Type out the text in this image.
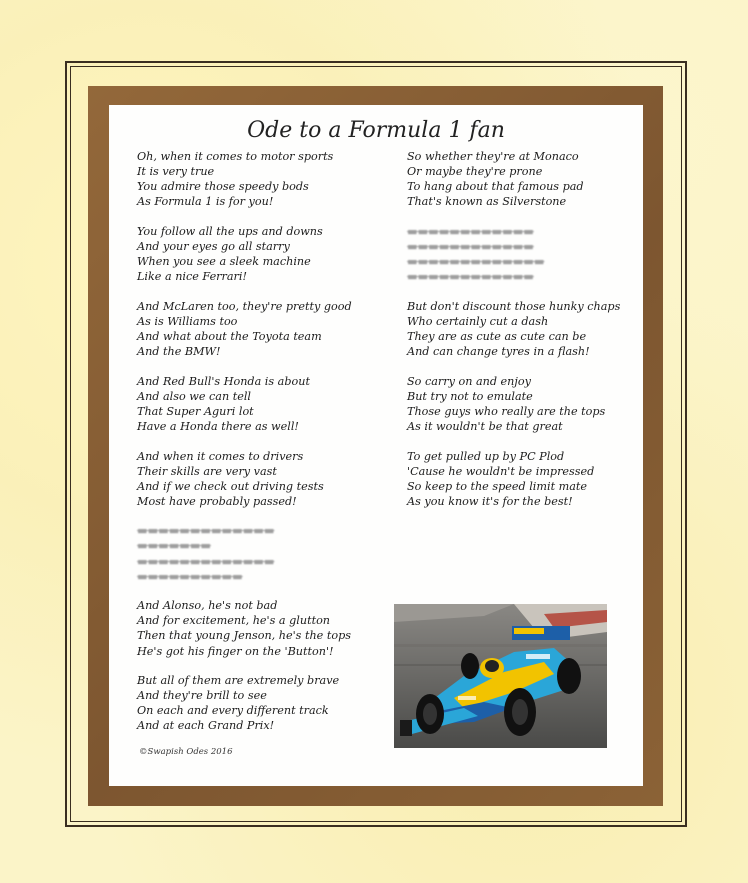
Ode to a Formula 1 fan
Oh, when it comes to motor sports
It is very true
You admire those speedy bods
As Formula 1 is for you!
You follow all the ups and downs
And your eyes go all starry
When you see a sleek machine
Like a nice Ferrari!
And McLaren too, they're pretty good
As is Williams too
And what about the Toyota team
And the BMW!
And Red Bull's Honda is about
And also we can tell
That Super Aguri lot
Have a Honda there as well!
And when it comes to drivers
Their skills are very vast
And if we check out driving tests
Most have probably passed!
▬▬▬▬▬▬▬▬▬▬▬▬▬
▬▬▬▬▬▬▬
▬▬▬▬▬▬▬▬▬▬▬▬▬
▬▬▬▬▬▬▬▬▬▬
And Alonso, he's not bad
And for excitement, he's a glutton
Then that young Jenson, he's the tops
He's got his finger on the 'Button'!
But all of them are extremely brave
And they're brill to see
On each and every different track
And at each Grand Prix!
So whether they're at Monaco
Or maybe they're prone
To hang about that famous pad
That's known as Silverstone
▬▬▬▬▬▬▬▬▬▬▬▬
▬▬▬▬▬▬▬▬▬▬▬▬
▬▬▬▬▬▬▬▬▬▬▬▬▬
▬▬▬▬▬▬▬▬▬▬▬▬
But don't discount those hunky chaps
Who certainly cut a dash
They are as cute as cute can be
And can change tyres in a flash!
So carry on and enjoy
But try not to emulate
Those guys who really are the tops
As it wouldn't be that great
To get pulled up by PC Plod
'Cause he wouldn't be impressed
So keep to the speed limit mate
As you know it's for the best!
©Swapish Odes 2016
